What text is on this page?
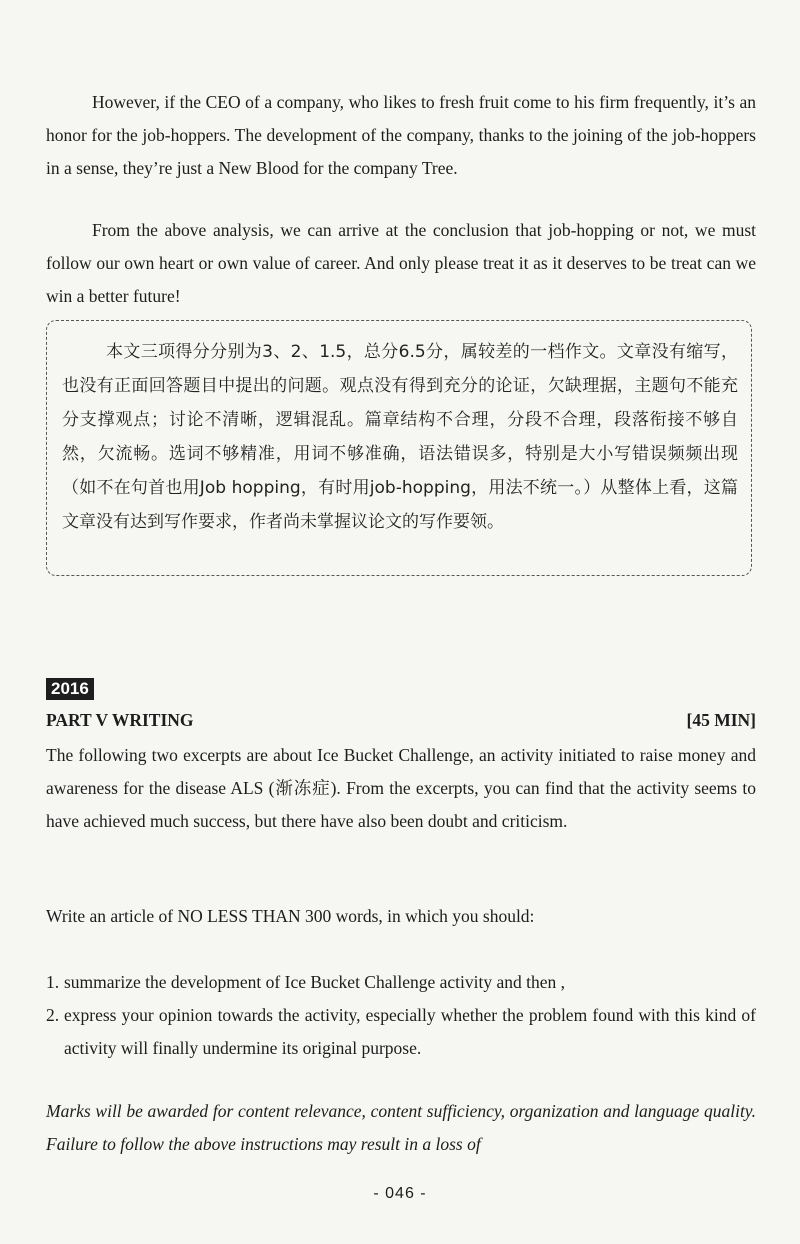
However, if the CEO of a company, who likes to fresh fruit come to his firm frequently, it’s an honor for the job-hoppers. The development of the company, thanks to the joining of the job-hoppers in a sense, they’re just a New Blood for the company Tree.

From the above analysis, we can arrive at the conclusion that job-hopping or not, we must follow our own heart or own value of career. And only please treat it as it deserves to be treat can we win a better future!

本文三项得分分别为3、2、1.5，总分6.5分，属较差的一档作文。文章没有缩写，也没有正面回答题目中提出的问题。观点没有得到充分的论证，欠缺理据，主题句不能充分支撑观点；讨论不清晰，逻辑混乱。篇章结构不合理，分段不合理，段落衔接不够自然，欠流畅。选词不够精准，用词不够准确，语法错误多，特别是大小写错误频频出现（如不在句首也用Job hopping，有时用job-hopping，用法不统一。）从整体上看，这篇文章没有达到写作要求，作者尚未掌握议论文的写作要领。

2016
PART V WRITING	[45 MIN]

The following two excerpts are about Ice Bucket Challenge, an activity initiated to raise money and awareness for the disease ALS (渐冻症). From the excerpts, you can find that the activity seems to have achieved much success, but there have also been doubt and criticism.

Write an article of NO LESS THAN 300 words, in which you should:

1. summarize the development of Ice Bucket Challenge activity and then ,
2. express your opinion towards the activity, especially whether the problem found with this kind of activity will finally undermine its original purpose.

Marks will be awarded for content relevance, content sufficiency, organization and language quality. Failure to follow the above instructions may result in a loss of

- 046 -
